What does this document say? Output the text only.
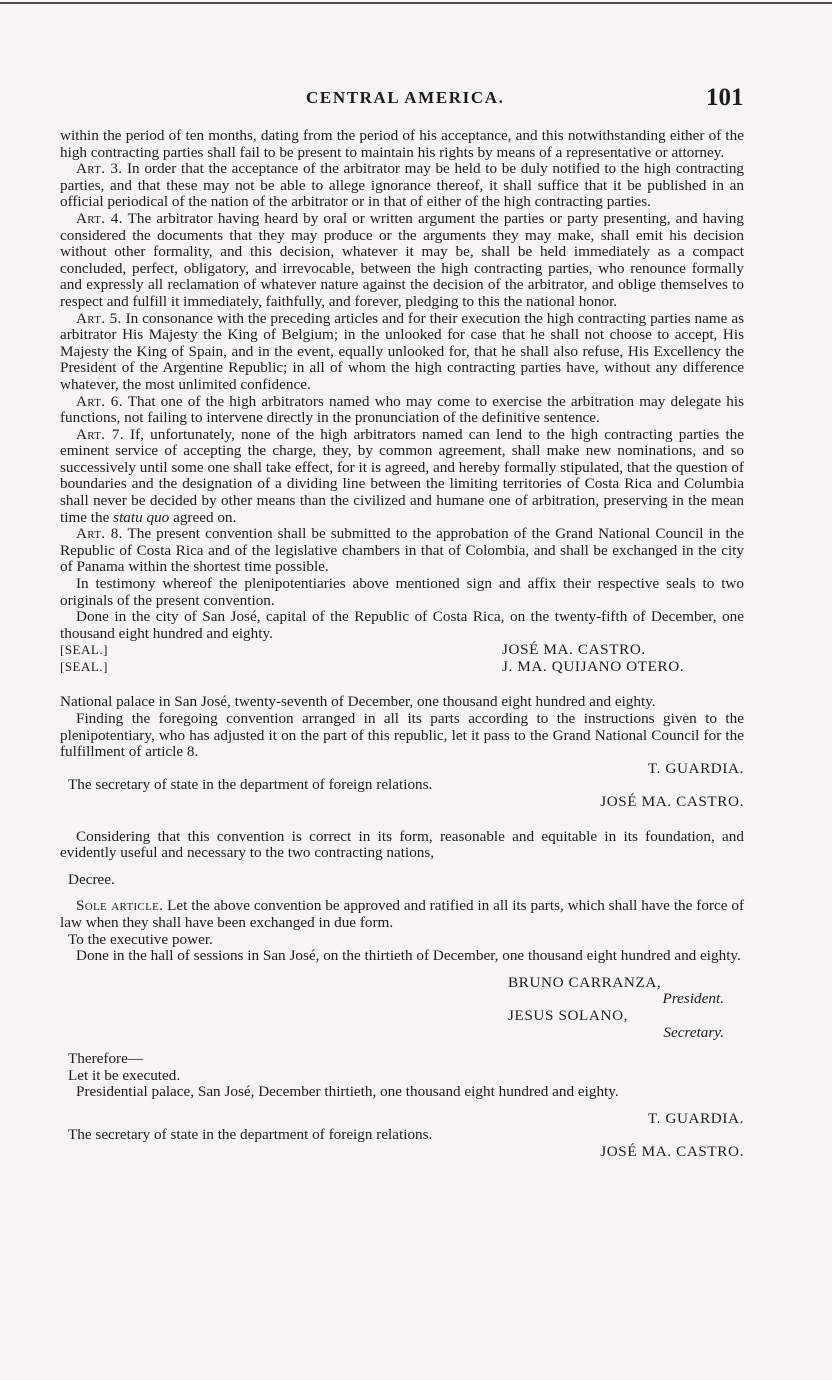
CENTRAL AMERICA.	101

within the period of ten months, dating from the period of his acceptance, and this notwithstanding either of the high contracting parties shall fail to be present to maintain his rights by means of a representative or attorney.

Art. 3. In order that the acceptance of the arbitrator may be held to be duly notified to the high contracting parties, and that these may not be able to allege ignorance thereof, it shall suffice that it be published in an official periodical of the nation of the arbitrator or in that of either of the high contracting parties.

Art. 4. The arbitrator having heard by oral or written argument the parties or party presenting, and having considered the documents that they may produce or the arguments they may make, shall emit his decision without other formality, and this decision, whatever it may be, shall be held immediately as a compact concluded, perfect, obligatory, and irrevocable, between the high contracting parties, who renounce formally and expressly all reclamation of whatever nature against the decision of the arbitrator, and oblige themselves to respect and fulfill it immediately, faithfully, and forever, pledging to this the national honor.

Art. 5. In consonance with the preceding articles and for their execution the high contracting parties name as arbitrator His Majesty the King of Belgium; in the unlooked for case that he shall not choose to accept, His Majesty the King of Spain, and in the event, equally unlooked for, that he shall also refuse, His Excellency the President of the Argentine Republic; in all of whom the high contracting parties have, without any difference whatever, the most unlimited confidence.

Art. 6. That one of the high arbitrators named who may come to exercise the arbitration may delegate his functions, not failing to intervene directly in the pronunciation of the definitive sentence.

Art. 7. If, unfortunately, none of the high arbitrators named can lend to the high contracting parties the eminent service of accepting the charge, they, by common agreement, shall make new nominations, and so successively until some one shall take effect, for it is agreed, and hereby formally stipulated, that the question of boundaries and the designation of a dividing line between the limiting territories of Costa Rica and Columbia shall never be decided by other means than the civilized and humane one of arbitration, preserving in the mean time the statu quo agreed on.

Art. 8. The present convention shall be submitted to the approbation of the Grand National Council in the Republic of Costa Rica and of the legislative chambers in that of Colombia, and shall be exchanged in the city of Panama within the shortest time possible.

In testimony whereof the plenipotentiaries above mentioned sign and affix their respective seals to two originals of the present convention.

Done in the city of San José, capital of the Republic of Costa Rica, on the twenty-fifth of December, one thousand eight hundred and eighty.

[SEAL.]	JOSÉ MA. CASTRO.
[SEAL.]	J. MA. QUIJANO OTERO.

National palace in San José, twenty-seventh of December, one thousand eight hundred and eighty.

Finding the foregoing convention arranged in all its parts according to the instructions given to the plenipotentiary, who has adjusted it on the part of this republic, let it pass to the Grand National Council for the fulfillment of article 8.

T. GUARDIA.
The secretary of state in the department of foreign relations.
JOSÉ MA. CASTRO.

Considering that this convention is correct in its form, reasonable and equitable in its foundation, and evidently useful and necessary to the two contracting nations,

Decree.

Sole article. Let the above convention be approved and ratified in all its parts, which shall have the force of law when they shall have been exchanged in due form.

To the executive power.

Done in the hall of sessions in San José, on the thirtieth of December, one thousand eight hundred and eighty.

BRUNO CARRANZA,
President.
JESUS SOLANO,
Secretary.
Therefore—
Let it be executed.

Presidential palace, San José, December thirtieth, one thousand eight hundred and eighty.

T. GUARDIA.
The secretary of state in the department of foreign relations.
JOSÉ MA. CASTRO.
